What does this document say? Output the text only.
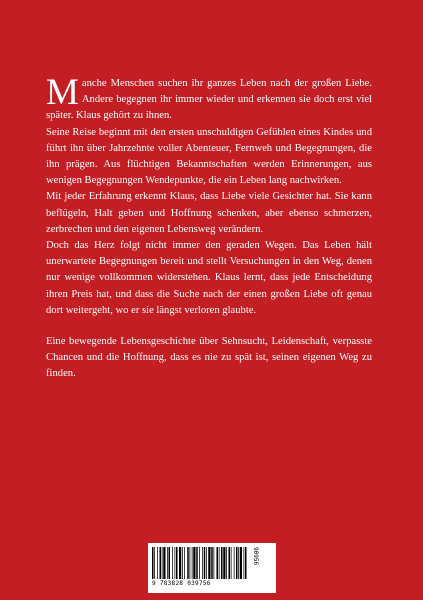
Manche Menschen suchen ihr ganzes Leben nach der großen Liebe. Andere begegnen ihr immer wieder und erkennen sie doch erst viel später. Klaus gehört zu ihnen.

Seine Reise beginnt mit den ersten unschuldigen Gefühlen eines Kindes und führt ihn über Jahrzehnte voller Abenteuer, Fernweh und Begegnungen, die ihn prägen. Aus flüchtigen Bekanntschaften werden Erinnerungen, aus wenigen Begegnungen Wendepunkte, die ein Leben lang nachwirken.

Mit jeder Erfahrung erkennt Klaus, dass Liebe viele Gesichter hat. Sie kann beflügeln, Halt geben und Hoffnung schenken, aber ebenso schmerzen, zerbrechen und den eigenen Lebensweg verändern.

Doch das Herz folgt nicht immer den geraden Wegen. Das Leben hält unerwartete Begegnungen bereit und stellt Versuchungen in den Weg, denen nur wenige vollkommen widerstehen. Klaus lernt, dass jede Entscheidung ihren Preis hat, und dass die Suche nach der einen großen Liebe oft genau dort weitergeht, wo er sie längst verloren glaubte.

Eine bewegende Lebensgeschichte über Sehnsucht, Leidenschaft, verpasste Chancen und die Hoffnung, dass es nie zu spät ist, seinen eigenen Weg zu finden.

9 783828 039756
90956
